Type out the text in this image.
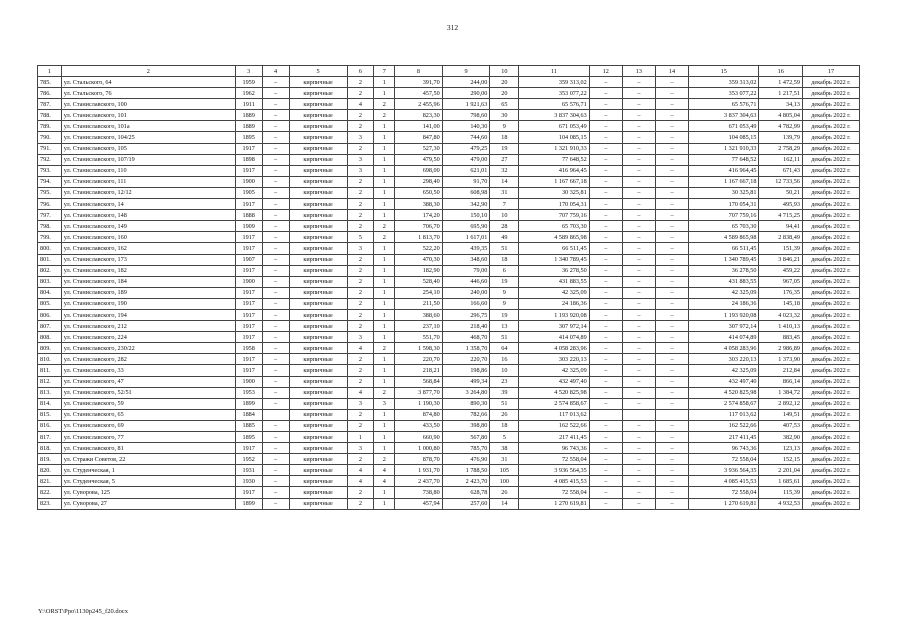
312
1	2	3	4	5	6	7	8	9	10	11	12	13	14	15	16	17
785.	ул. Стальского, 64	1959	–	кирпичные	2	1	391,70	244,00	20	359 313,02	–	–	–	359 313,02	1 472,59	декабрь 2022 г.
786.	ул. Стальского, 76	1962	–	кирпичные	2	1	457,50	290,00	20	353 077,22	–	–	–	353 077,22	1 217,51	декабрь 2022 г.
787.	ул. Станиславского, 100	1911	–	кирпичные	4	2	2 455,96	1 921,63	65	65 576,71	–	–	–	65 576,71	34,13	декабрь 2022 г.
788.	ул. Станиславского, 101	1889	–	кирпичные	2	2	823,30	798,60	30	3 837 304,63	–	–	–	3 837 304,63	4 805,04	декабрь 2022 г.
789.	ул. Станиславского, 101а	1889	–	кирпичные	2	1	141,00	140,30	9	671 053,49	–	–	–	671 053,49	4 782,99	декабрь 2022 г.
790.	ул. Станиславского, 104/25	1895	–	кирпичные	3	1	847,80	744,60	18	104 085,15	–	–	–	104 085,15	139,79	декабрь 2022 г.
791.	ул. Станиславского, 105	1917	–	кирпичные	2	1	527,30	479,25	19	1 321 910,33	–	–	–	1 321 910,33	2 758,29	декабрь 2022 г.
792.	ул. Станиславского, 107/19	1898	–	кирпичные	3	1	479,50	479,00	27	77 648,52	–	–	–	77 648,52	162,11	декабрь 2022 г.
793.	ул. Станиславского, 110	1917	–	кирпичные	3	1	698,00	621,01	32	416 964,45	–	–	–	416 964,45	671,43	декабрь 2022 г.
794.	ул. Станиславского, 111	1900	–	кирпичные	2	1	298,40	91,70	14	1 167 667,18	–	–	–	1 167 667,18	12 733,56	декабрь 2022 г.
795.	ул. Станиславского, 12/12	1905	–	кирпичные	2	1	650,50	608,98	31	30 325,81	–	–	–	30 325,81	50,21	декабрь 2022 г.
796.	ул. Станиславского, 14	1917	–	кирпичные	2	1	388,30	342,90	7	170 054,31	–	–	–	170 054,31	495,93	декабрь 2022 г.
797.	ул. Станиславского, 148	1888	–	кирпичные	2	1	174,20	150,10	10	707 759,16	–	–	–	707 759,16	4 715,25	декабрь 2022 г.
798.	ул. Станиславского, 149	1909	–	кирпичные	2	2	706,70	695,90	28	65 703,30	–	–	–	65 703,30	94,41	декабрь 2022 г.
799.	ул. Станиславского, 160	1917	–	кирпичные	5	2	1 813,70	1 617,01	49	4 589 865,98	–	–	–	4 589 865,98	2 838,49	декабрь 2022 г.
800.	ул. Станиславского, 162	1917	–	кирпичные	3	1	522,20	439,35	51	66 511,45	–	–	–	66 511,45	151,39	декабрь 2022 г.
801.	ул. Станиславского, 173	1907	–	кирпичные	2	1	470,30	348,60	18	1 340 789,45	–	–	–	1 340 789,45	3 846,21	декабрь 2022 г.
802.	ул. Станиславского, 182	1917	–	кирпичные	2	1	182,90	79,00	6	36 278,50	–	–	–	36 278,50	459,22	декабрь 2022 г.
803.	ул. Станиславского, 184	1900	–	кирпичные	2	1	528,40	446,60	19	431 883,55	–	–	–	431 883,55	967,05	декабрь 2022 г.
804.	ул. Станиславского, 189	1917	–	кирпичные	2	1	254,10	240,00	9	42 325,09	–	–	–	42 325,09	176,35	декабрь 2022 г.
805.	ул. Станиславского, 190	1917	–	кирпичные	2	1	211,50	166,60	9	24 186,36	–	–	–	24 186,36	145,18	декабрь 2022 г.
806.	ул. Станиславского, 194	1917	–	кирпичные	2	1	388,60	296,75	19	1 193 920,08	–	–	–	1 193 920,08	4 023,32	декабрь 2022 г.
807.	ул. Станиславского, 212	1917	–	кирпичные	2	1	237,10	218,40	13	307 972,14	–	–	–	307 972,14	1 410,13	декабрь 2022 г.
808.	ул. Станиславского, 224	1917	–	кирпичные	3	1	551,70	468,70	51	414 074,89	–	–	–	414 074,89	883,45	декабрь 2022 г.
809.	ул. Станиславского, 230/22	1958	–	кирпичные	4	2	1 598,30	1 358,70	64	4 058 283,96	–	–	–	4 058 283,96	2 986,89	декабрь 2022 г.
810.	ул. Станиславского, 282	1917	–	кирпичные	2	1	220,70	220,70	16	303 220,13	–	–	–	303 220,13	1 373,90	декабрь 2022 г.
811.	ул. Станиславского, 33	1917	–	кирпичные	2	1	218,21	198,86	10	42 325,09	–	–	–	42 325,09	212,84	декабрь 2022 г.
812.	ул. Станиславского, 47	1900	–	кирпичные	2	1	568,84	499,34	23	432 497,40	–	–	–	432 497,40	866,14	декабрь 2022 г.
813.	ул. Станиславского, 52/51	1953	–	кирпичные	4	2	3 877,70	3 264,80	39	4 520 825,98	–	–	–	4 520 825,98	1 384,72	декабрь 2022 г.
814.	ул. Станиславского, 59	1899	–	кирпичные	3	3	1 190,30	890,30	51	2 574 858,67	–	–	–	2 574 858,67	2 892,12	декабрь 2022 г.
815.	ул. Станиславского, 65	1884		кирпичные	2	1	874,80	782,66	26	117 013,62				117 013,62	149,51	декабрь 2022 г.
816.	ул. Станиславского, 69	1885	–	кирпичные	2	1	433,50	398,80	18	162 522,66	–	–	–	162 522,66	407,53	декабрь 2022 г.
817.	ул. Станиславского, 77	1895	–	кирпичные	1	1	660,90	567,80	5	217 411,45	–	–	–	217 411,45	382,90	декабрь 2022 г.
818.	ул. Станиславского, 81	1917	–	кирпичные	3	1	1 000,80	785,70	38	96 743,36	–	–	–	96 743,36	123,13	декабрь 2022 г.
819.	ул. Стражи Советов, 22	1952	–	кирпичные	2	2	878,70	476,90	31	72 558,04	–	–	–	72 558,04	152,15	декабрь 2022 г.
820.	ул. Студенческая, 1	1931	–	кирпичные	4	4	1 931,70	1 788,50	105	3 936 564,35	–	–	–	3 936 564,35	2 201,04	декабрь 2022 г.
821.	ул. Студенческая, 5	1930	–	кирпичные	4	4	2 437,70	2 423,70	100	4 085 415,53	–	–	–	4 085 415,53	1 685,61	декабрь 2022 г.
822.	ул. Суворова, 125	1917	–	кирпичные	2	1	738,80	628,78	26	72 558,04	–	–	–	72 558,04	115,39	декабрь 2022 г.
823.	ул. Суворова, 27	1899	–	кирпичные	2	1	457,94	257,60	14	1 270 619,81	–	–	–	1 270 619,81	4 932,53	декабрь 2022 г.
Y:\ORST\Ppo\1130p245_f20.docx
